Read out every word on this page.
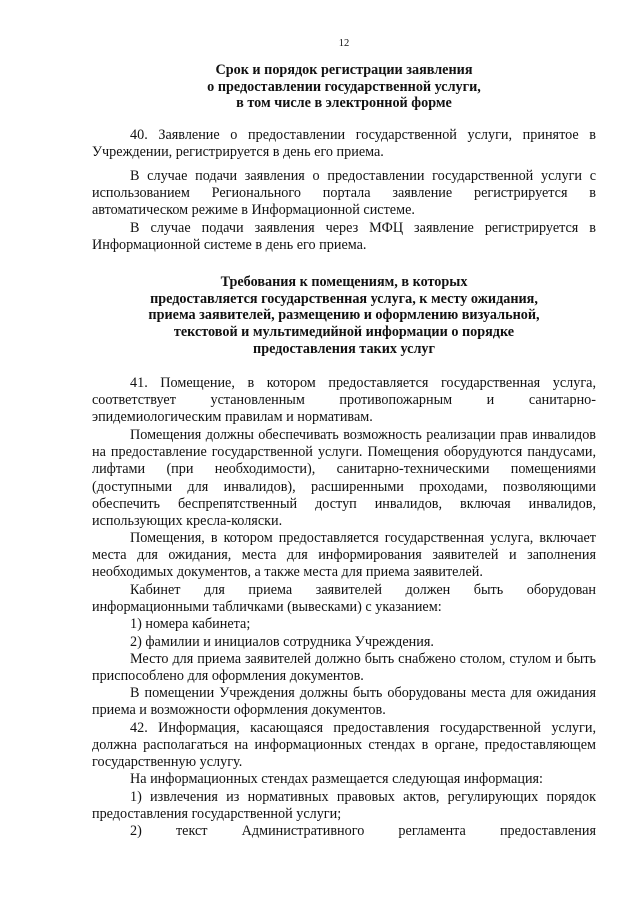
12
Срок и порядок регистрации заявления
о предоставлении государственной услуги,
в том числе в электронной форме
40. Заявление о предоставлении государственной услуги, принятое в Учреждении, регистрируется в день его приема.
В случае подачи заявления о предоставлении государственной услуги с использованием Регионального портала заявление регистрируется в автоматическом режиме в Информационной системе.
В случае подачи заявления через МФЦ заявление регистрируется в Информационной системе в день его приема.
Требования к помещениям, в которых
предоставляется государственная услуга, к месту ожидания,
приема заявителей, размещению и оформлению визуальной,
текстовой и мультимедийной информации о порядке
предоставления таких услуг
41. Помещение, в котором предоставляется государственная услуга, соответствует установленным противопожарным и санитарно-эпидемиологическим правилам и нормативам.
Помещения должны обеспечивать возможность реализации прав инвалидов на предоставление государственной услуги. Помещения оборудуются пандусами, лифтами (при необходимости), санитарно-техническими помещениями (доступными для инвалидов), расширенными проходами, позволяющими обеспечить беспрепятственный доступ инвалидов, включая инвалидов, использующих кресла-коляски.
Помещения, в котором предоставляется государственная услуга, включает места для ожидания, места для информирования заявителей и заполнения необходимых документов, а также места для приема заявителей.
Кабинет для приема заявителей должен быть оборудован информационными табличками (вывесками) с указанием:
1) номера кабинета;
2) фамилии и инициалов сотрудника Учреждения.
Место для приема заявителей должно быть снабжено столом, стулом и быть приспособлено для оформления документов.
В помещении Учреждения должны быть оборудованы места для ожидания приема и возможности оформления документов.
42. Информация, касающаяся предоставления государственной услуги, должна располагаться на информационных стендах в органе, предоставляющем государственную услугу.
На информационных стендах размещается следующая информация:
1) извлечения из нормативных правовых актов, регулирующих порядок предоставления государственной услуги;
2) текст Административного регламента предоставления
